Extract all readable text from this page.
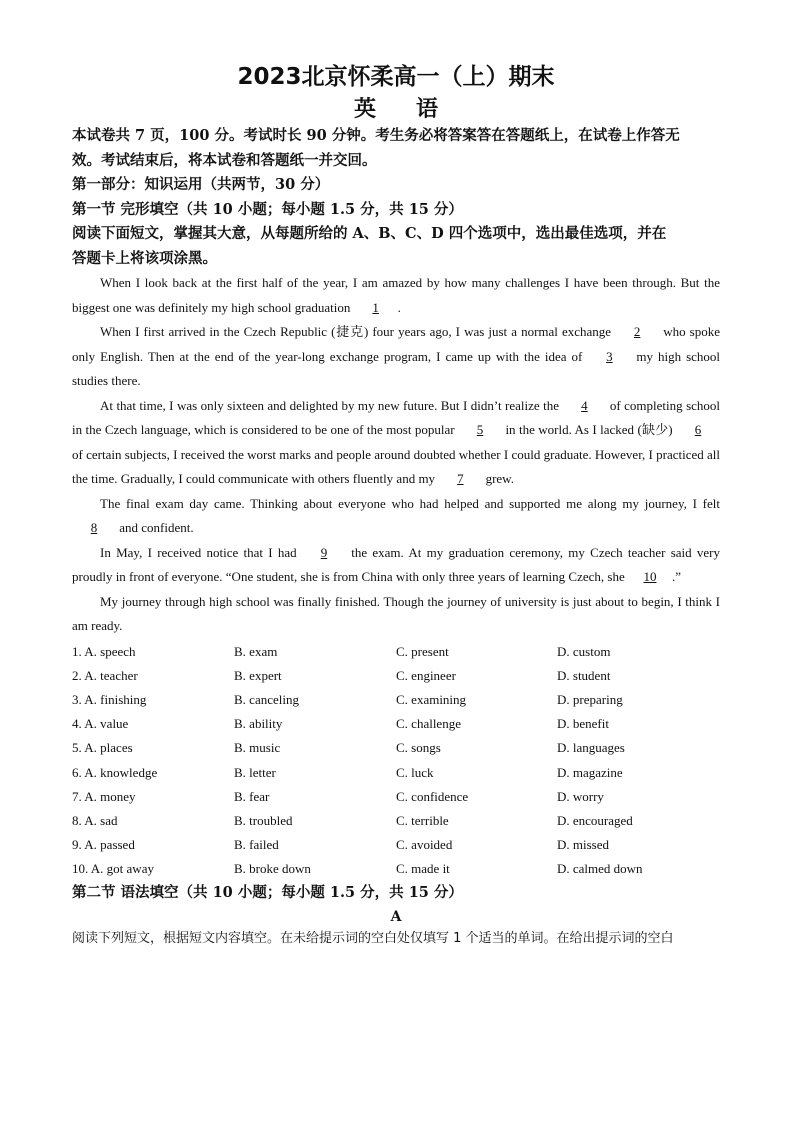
2023北京怀柔高一（上）期末
英 语
本试卷共 7 页，100 分。考试时长 90 分钟。考生务必将答案答在答题纸上，在试卷上作答无
效。考试结束后，将本试卷和答题纸一并交回。
第一部分：知识运用（共两节，30 分）
第一节 完形填空（共 10 小题；每小题 1.5 分，共 15 分）
阅读下面短文，掌握其大意，从每题所给的 A、B、C、D 四个选项中，选出最佳选项，并在
答题卡上将该项涂黑。

When I look back at the first half of the year, I am amazed by how many challenges I have been through. But the biggest one was definitely my high school graduation 1 .

When I first arrived in the Czech Republic (捷克) four years ago, I was just a normal exchange 2 who spoke only English. Then at the end of the year-long exchange program, I came up with the idea of 3 my high school studies there.

At that time, I was only sixteen and delighted by my new future. But I didn’t realize the 4 of completing school in the Czech language, which is considered to be one of the most popular 5 in the world. As I lacked (缺少) 6 of certain subjects, I received the worst marks and people around doubted whether I could graduate. However, I practiced all the time. Gradually, I could communicate with others fluently and my 7 grew.

The final exam day came. Thinking about everyone who had helped and supported me along my journey, I felt 8 and confident.

In May, I received notice that I had 9 the exam. At my graduation ceremony, my Czech teacher said very proudly in front of everyone. “One student, she is from China with only three years of learning Czech, she 10 .”

My journey through high school was finally finished. Though the journey of university is just about to begin, I think I am ready.

1. A. speech	B. exam	C. present	D. custom
2. A. teacher	B. expert	C. engineer	D. student
3. A. finishing	B. canceling	C. examining	D. preparing
4. A. value	B. ability	C. challenge	D. benefit
5. A. places	B. music	C. songs	D. languages
6. A. knowledge	B. letter	C. luck	D. magazine
7. A. money	B. fear	C. confidence	D. worry
8. A. sad	B. troubled	C. terrible	D. encouraged
9. A. passed	B. failed	C. avoided	D. missed
10. A. got away	B. broke down	C. made it	D. calmed down
第二节 语法填空（共 10 小题；每小题 1.5 分，共 15 分）
A
阅读下列短文，根据短文内容填空。在未给提示词的空白处仅填写 1 个适当的单词。在给出提示词的空白
